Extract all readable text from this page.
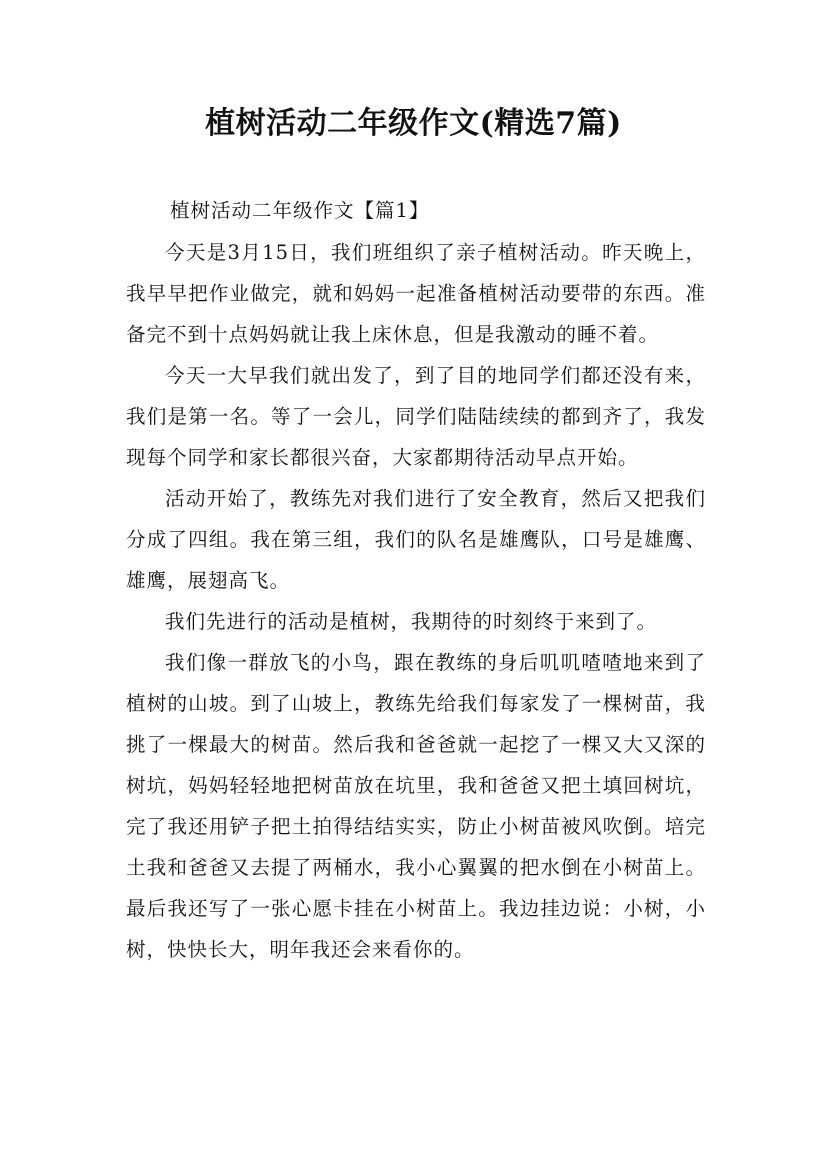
植树活动二年级作文(精选7篇)
植树活动二年级作文【篇1】

今天是3月15日，我们班组织了亲子植树活动。昨天晚上，我早早把作业做完，就和妈妈一起准备植树活动要带的东西。准备完不到十点妈妈就让我上床休息，但是我激动的睡不着。

今天一大早我们就出发了，到了目的地同学们都还没有来，我们是第一名。等了一会儿，同学们陆陆续续的都到齐了，我发现每个同学和家长都很兴奋，大家都期待活动早点开始。

活动开始了，教练先对我们进行了安全教育，然后又把我们分成了四组。我在第三组，我们的队名是雄鹰队，口号是雄鹰、雄鹰，展翅高飞。

我们先进行的活动是植树，我期待的时刻终于来到了。

我们像一群放飞的小鸟，跟在教练的身后叽叽喳喳地来到了植树的山坡。到了山坡上，教练先给我们每家发了一棵树苗，我挑了一棵最大的树苗。然后我和爸爸就一起挖了一棵又大又深的树坑，妈妈轻轻地把树苗放在坑里，我和爸爸又把土填回树坑，完了我还用铲子把土拍得结结实实，防止小树苗被风吹倒。培完土我和爸爸又去提了两桶水，我小心翼翼的把水倒在小树苗上。最后我还写了一张心愿卡挂在小树苗上。我边挂边说：小树，小树，快快长大，明年我还会来看你的。
